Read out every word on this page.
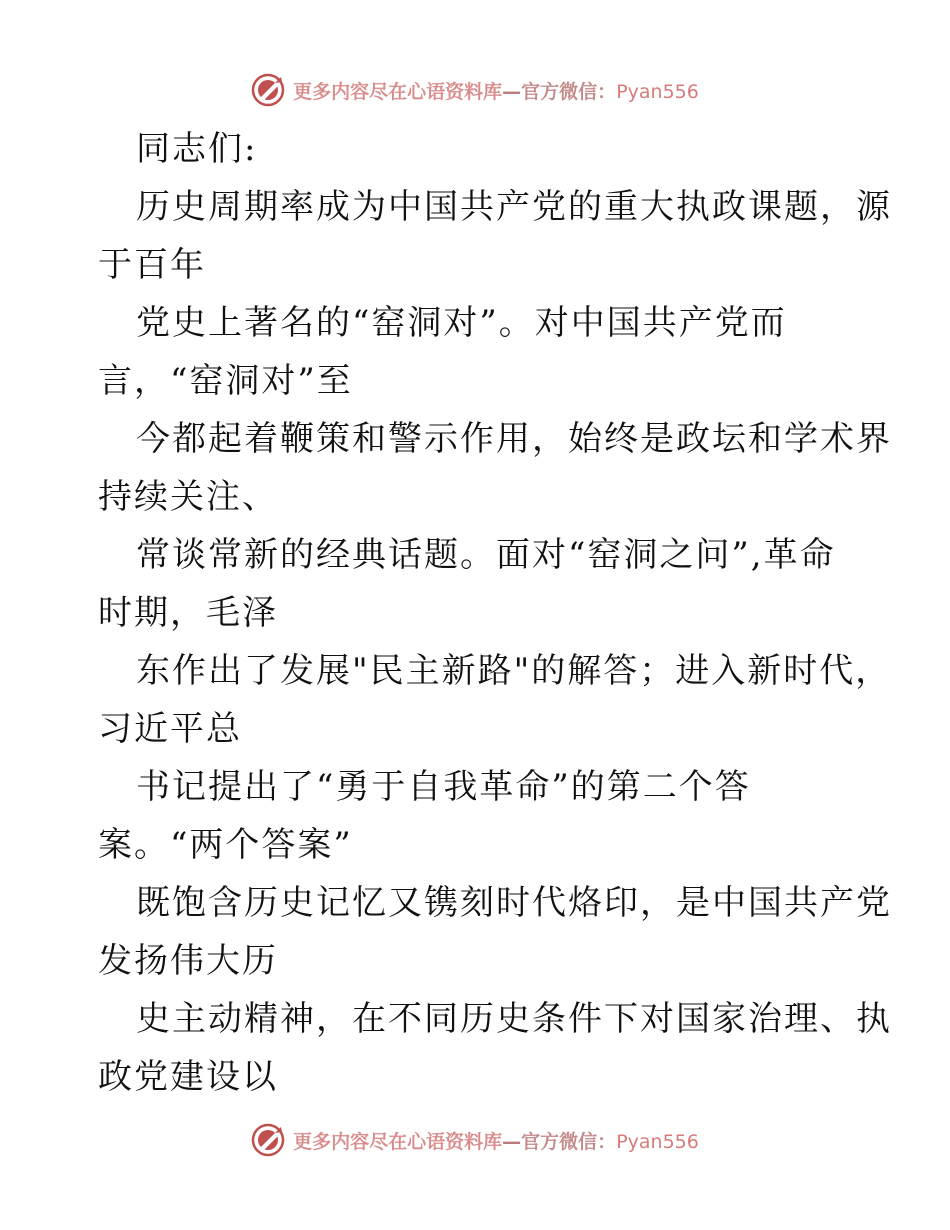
更多内容尽在心语资料库—官方微信：Pyan556
同志们:
历史周期率成为中国共产党的重大执政课题，源
于百年
党史上著名的“窑洞对”。对中国共产党而
言，“窑洞对”至
今都起着鞭策和警示作用，始终是政坛和学术界
持续关注、
常谈常新的经典话题。面对“窑洞之问”,革命
时期，毛泽
东作出了发展"民主新路"的解答；进入新时代，
习近平总
书记提出了“勇于自我革命”的第二个答
案。“两个答案”
既饱含历史记忆又镌刻时代烙印，是中国共产党
发扬伟大历
史主动精神，在不同历史条件下对国家治理、执
政党建设以
更多内容尽在心语资料库—官方微信：Pyan556
